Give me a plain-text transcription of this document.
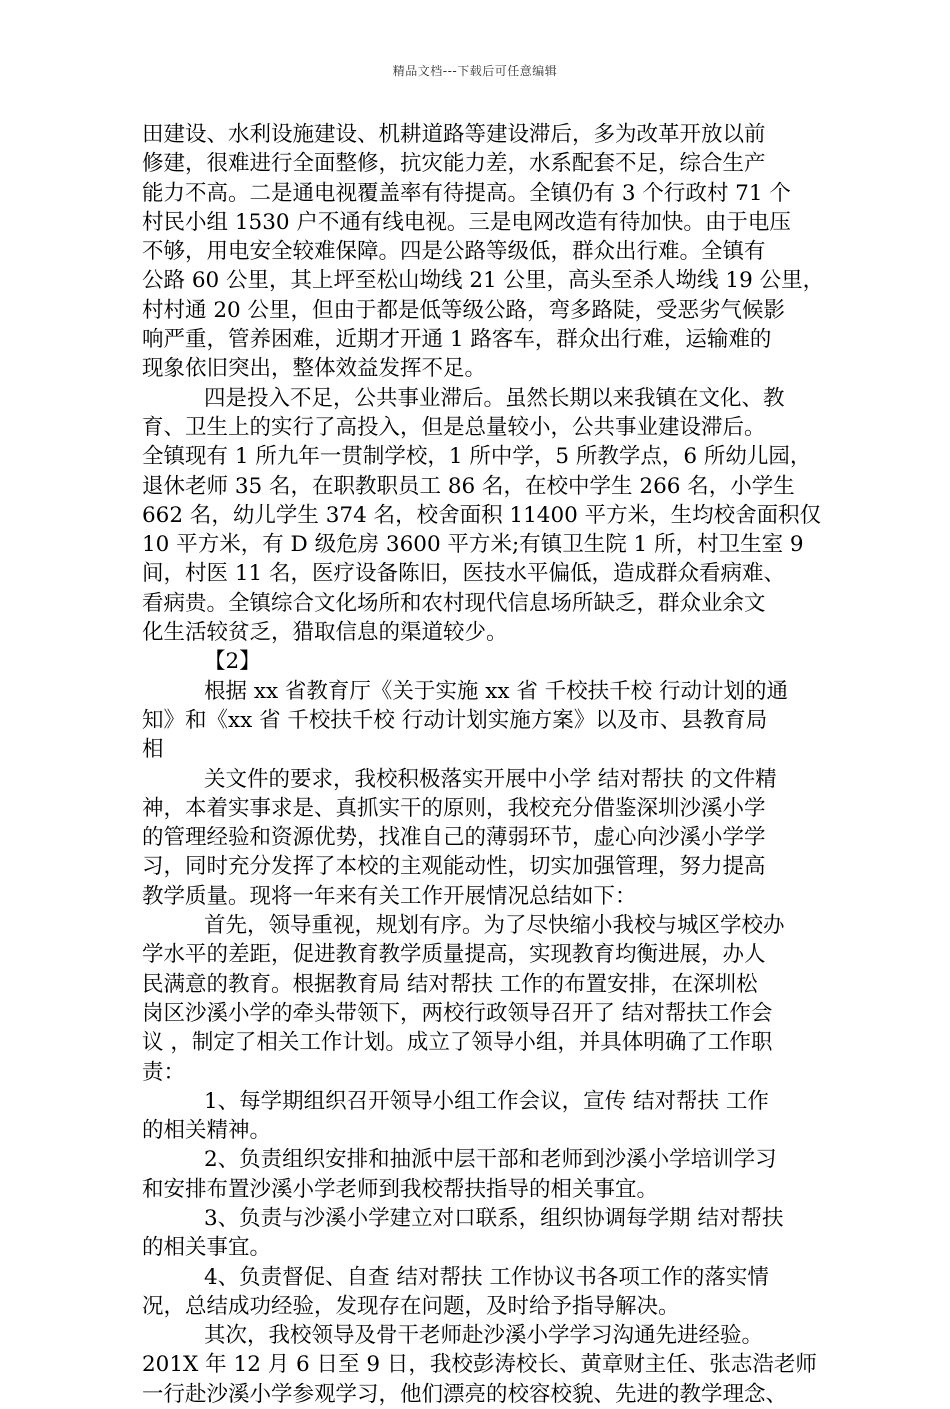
精品文档---下载后可任意编辑
田建设、水利设施建设、机耕道路等建设滞后，多为改革开放以前
修建，很难进行全面整修，抗灾能力差，水系配套不足，综合生产
能力不高。二是通电视覆盖率有待提高。全镇仍有 3 个行政村 71 个
村民小组 1530 户不通有线电视。三是电网改造有待加快。由于电压
不够，用电安全较难保障。四是公路等级低，群众出行难。全镇有
公路 60 公里，其上坪至松山坳线 21 公里，高头至杀人坳线 19 公里，
村村通 20 公里，但由于都是低等级公路，弯多路陡，受恶劣气候影
响严重，管养困难，近期才开通 1 路客车，群众出行难，运输难的
现象依旧突出，整体效益发挥不足。
四是投入不足，公共事业滞后。虽然长期以来我镇在文化、教
育、卫生上的实行了高投入，但是总量较小，公共事业建设滞后。
全镇现有 1 所九年一贯制学校，1 所中学，5 所教学点，6 所幼儿园，
退休老师 35 名，在职教职员工 86 名，在校中学生 266 名，小学生
662 名，幼儿学生 374 名，校舍面积 11400 平方米，生均校舍面积仅
10 平方米，有 D 级危房 3600 平方米;有镇卫生院 1 所，村卫生室 9
间，村医 11 名，医疗设备陈旧，医技水平偏低，造成群众看病难、
看病贵。全镇综合文化场所和农村现代信息场所缺乏，群众业余文
化生活较贫乏，猎取信息的渠道较少。
【2】
根据 xx 省教育厅《关于实施 xx 省 千校扶千校 行动计划的通
知》和《xx 省 千校扶千校 行动计划实施方案》以及市、县教育局
相
关文件的要求，我校积极落实开展中小学 结对帮扶 的文件精
神，本着实事求是、真抓实干的原则，我校充分借鉴深圳沙溪小学
的管理经验和资源优势，找准自己的薄弱环节，虚心向沙溪小学学
习，同时充分发挥了本校的主观能动性，切实加强管理，努力提高
教学质量。现将一年来有关工作开展情况总结如下：
首先，领导重视，规划有序。为了尽快缩小我校与城区学校办
学水平的差距，促进教育教学质量提高，实现教育均衡进展，办人
民满意的教育。根据教育局 结对帮扶 工作的布置安排，在深圳松
岗区沙溪小学的牵头带领下，两校行政领导召开了 结对帮扶工作会
议 ，制定了相关工作计划。成立了领导小组，并具体明确了工作职
责：
1、每学期组织召开领导小组工作会议，宣传 结对帮扶 工作
的相关精神。
2、负责组织安排和抽派中层干部和老师到沙溪小学培训学习
和安排布置沙溪小学老师到我校帮扶指导的相关事宜。
3、负责与沙溪小学建立对口联系，组织协调每学期 结对帮扶
的相关事宜。
4、负责督促、自查 结对帮扶 工作协议书各项工作的落实情
况，总结成功经验，发现存在问题，及时给予指导解决。
其次，我校领导及骨干老师赴沙溪小学学习沟通先进经验。
201X 年 12 月 6 日至 9 日，我校彭涛校长、黄章财主任、张志浩老师
一行赴沙溪小学参观学习，他们漂亮的校容校貌、先进的教学理念、
